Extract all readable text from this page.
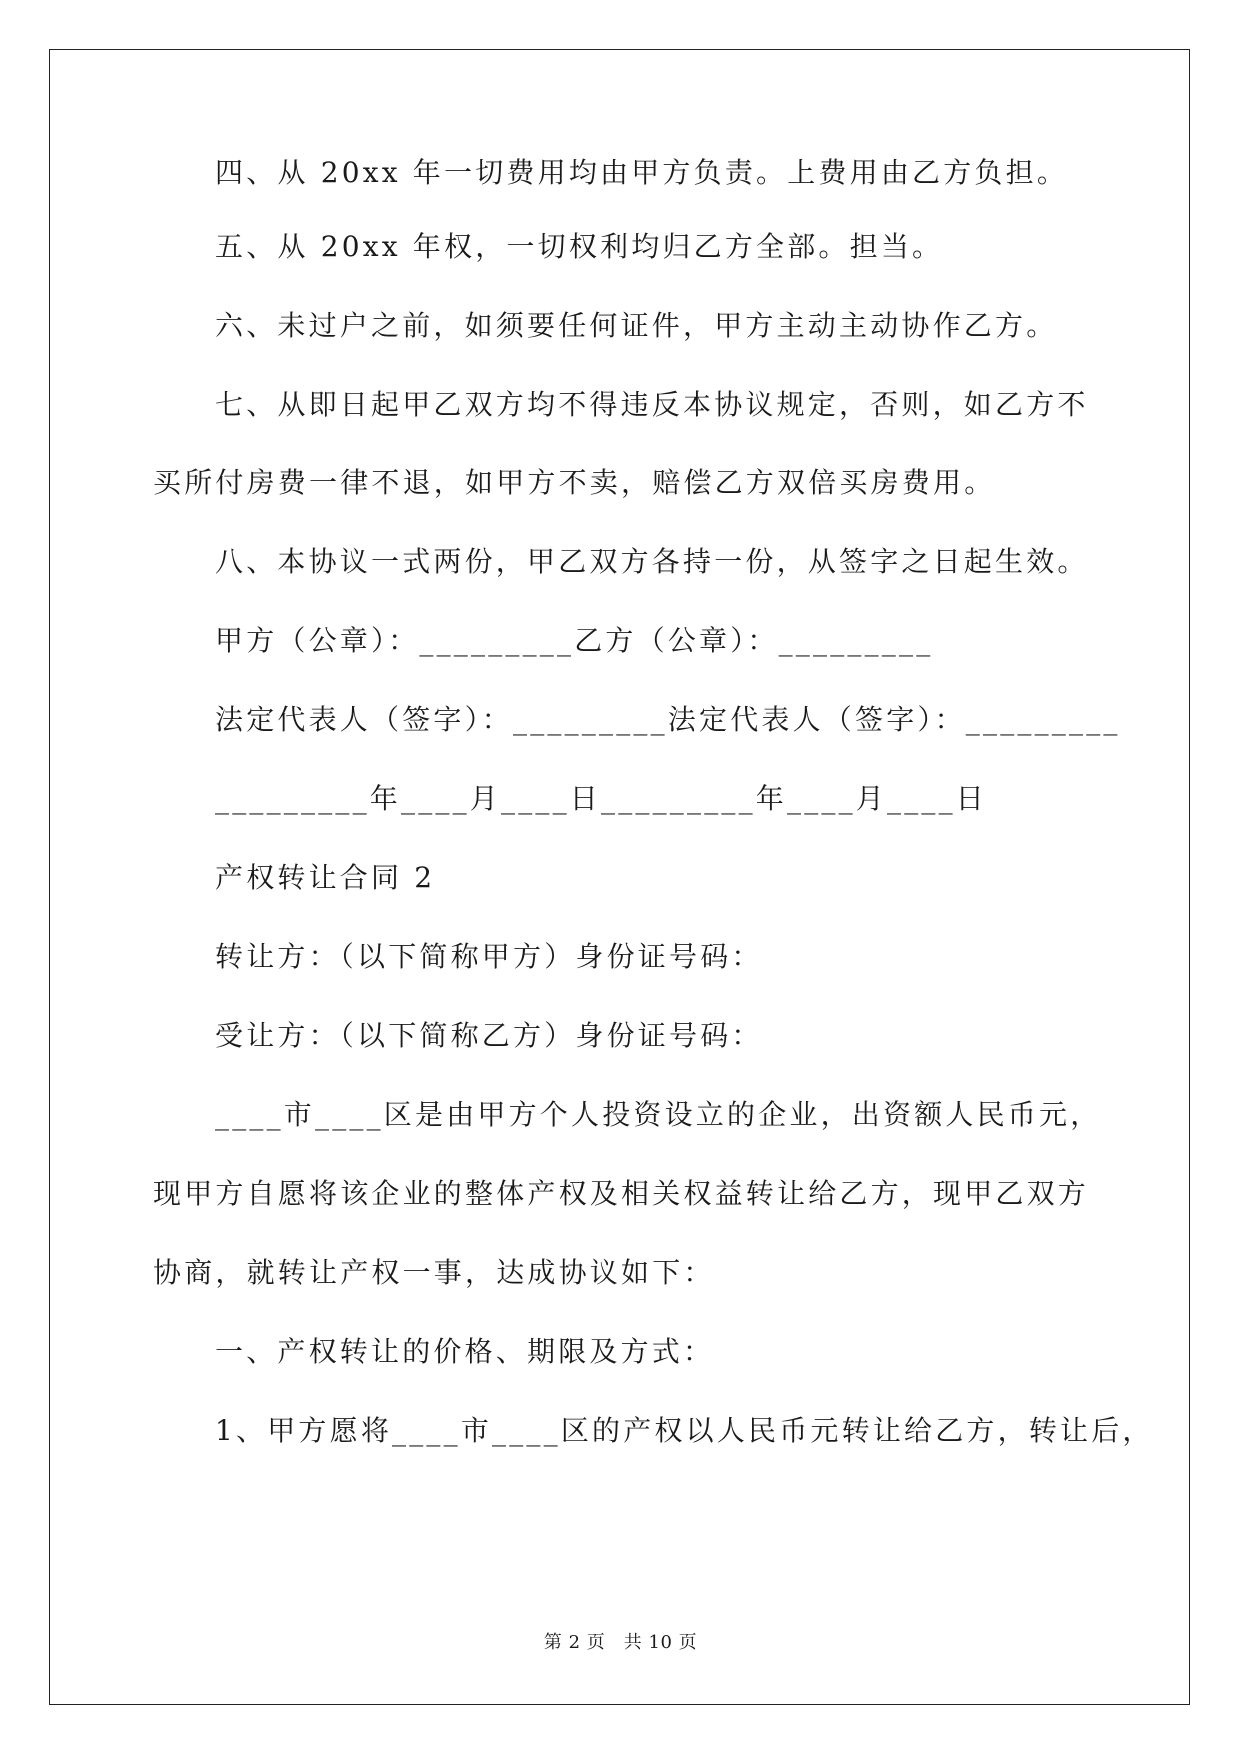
四、从 20xx 年一切费用均由甲方负责。上费用由乙方负担。
五、从 20xx 年权，一切权利均归乙方全部。担当。
六、未过户之前，如须要任何证件，甲方主动主动协作乙方。
七、从即日起甲乙双方均不得违反本协议规定，否则，如乙方不
买所付房费一律不退，如甲方不卖，赔偿乙方双倍买房费用。
八、本协议一式两份，甲乙双方各持一份，从签字之日起生效。
甲方（公章）：_________乙方（公章）：_________
法定代表人（签字）：_________法定代表人（签字）：_________
_________年____月____日_________年____月____日
产权转让合同 2
转让方：（以下简称甲方）身份证号码：
受让方：（以下简称乙方）身份证号码：
____市____区是由甲方个人投资设立的企业，出资额人民币元，
现甲方自愿将该企业的整体产权及相关权益转让给乙方，现甲乙双方
协商，就转让产权一事，达成协议如下：
一、产权转让的价格、期限及方式：
1、甲方愿将____市____区的产权以人民币元转让给乙方，转让后，
第 2 页　共 10 页
